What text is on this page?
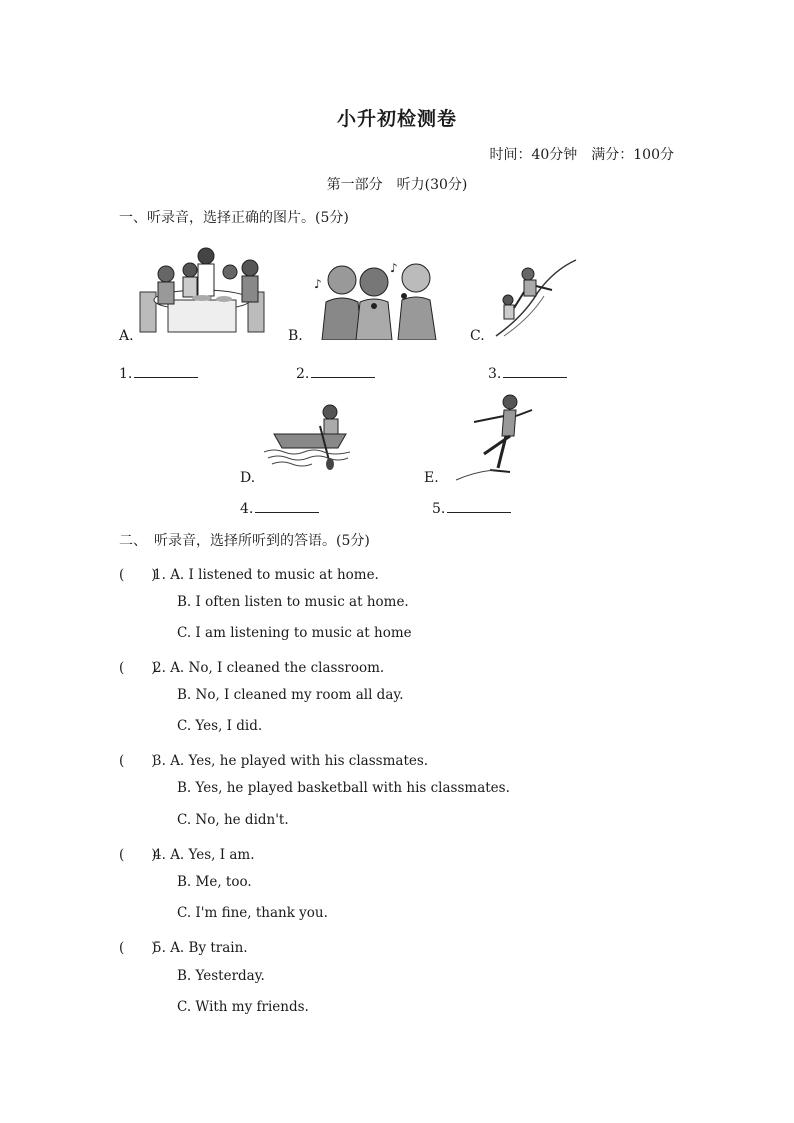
小升初检测卷
时间：40分钟　满分：100分
第一部分　听力(30分)
一、听录音，选择正确的图片。(5分)
A.
♪
♪
B.	C.
1.	2.	3.
D.	E.
4.	5.
二、　听录音，选择所听到的答语。(5分)
(　　)1. A. I listened to music at home.
B. I often listen to music at home.
C. I am listening to music at home
(　　)2. A. No, I cleaned the classroom.
B. No, I cleaned my room all day.
C. Yes, I did.
(　　)3. A. Yes, he played with his classmates.
B. Yes, he played basketball with his classmates.
C. No, he didn't.
(　　)4. A. Yes, I am.
B. Me, too.
C. I'm fine, thank you.
(　　)5. A. By train.
B. Yesterday.
C. With my friends.
